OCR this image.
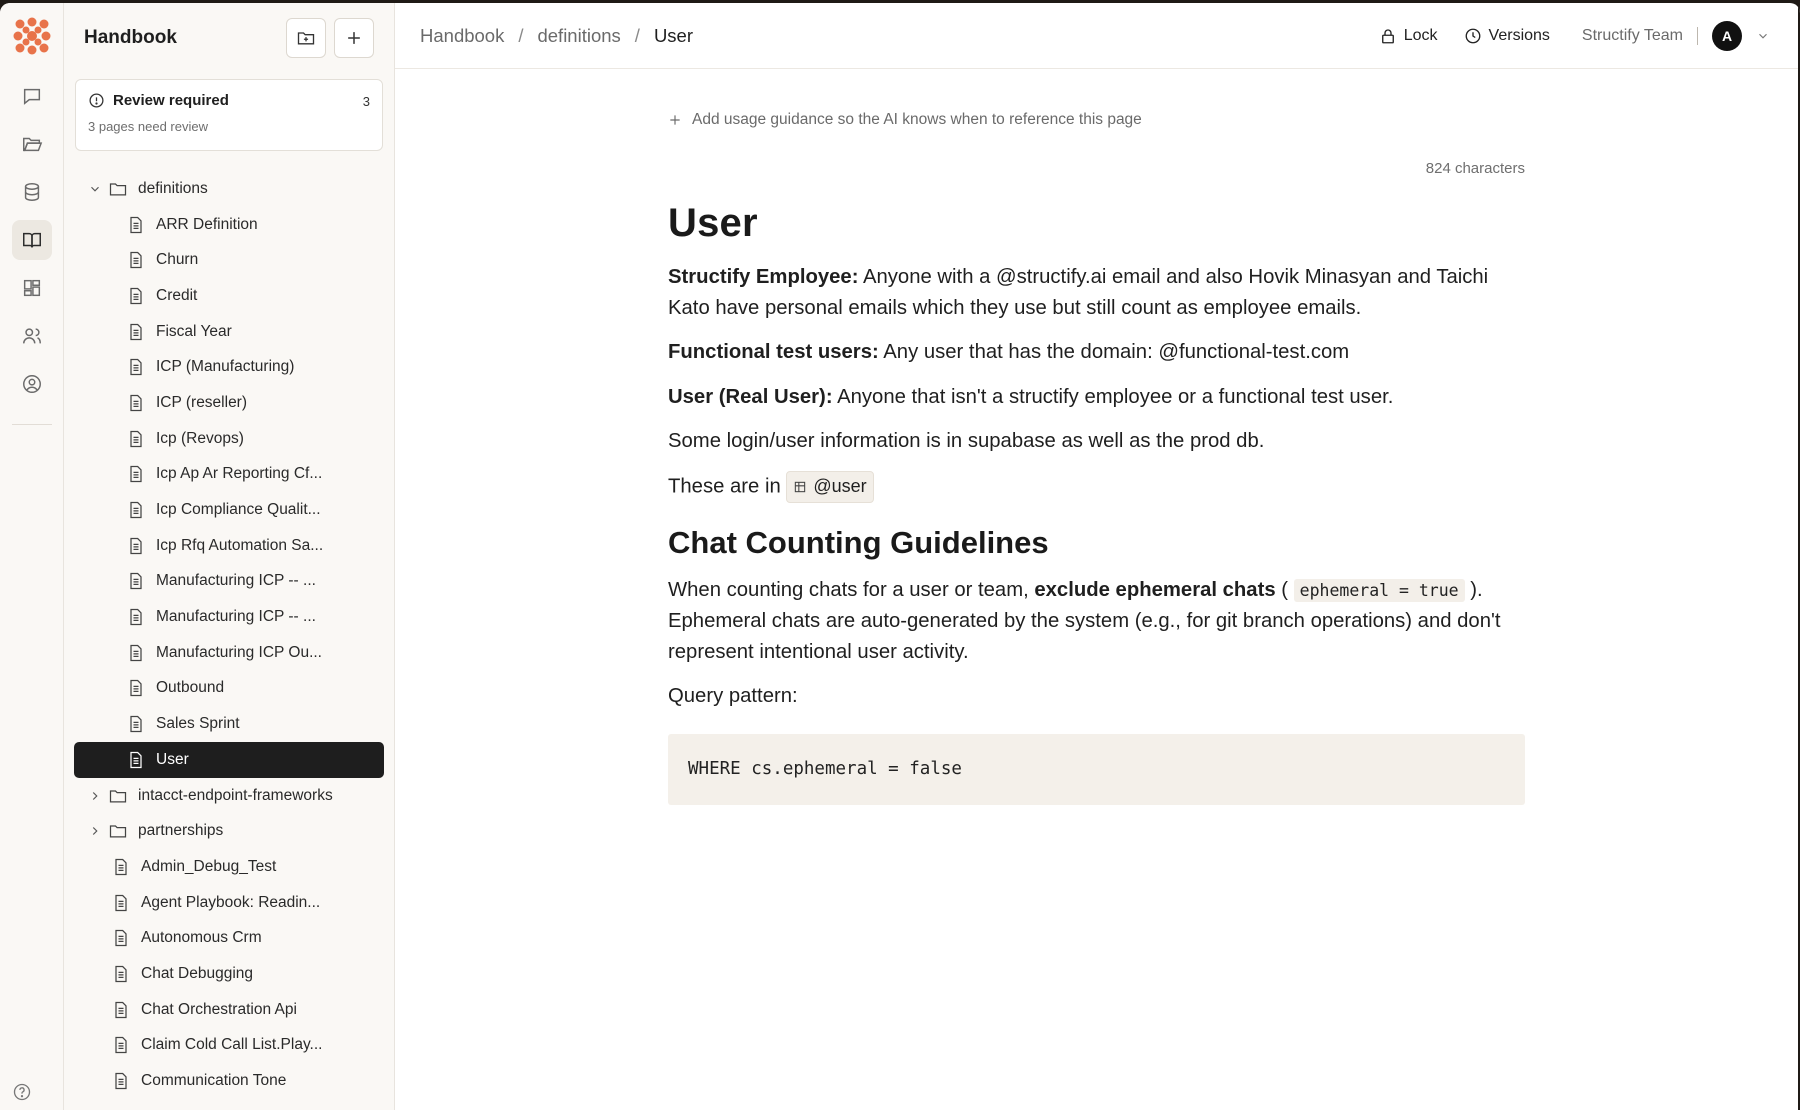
Handbook
Review required	3
3 pages need review
definitions
ARR Definition
Churn
Credit
Fiscal Year
ICP (Manufacturing)
ICP (reseller)
Icp (Revops)
Icp Ap Ar Reporting Cf...
Icp Compliance Qualit...
Icp Rfq Automation Sa...
Manufacturing ICP -- ...
Manufacturing ICP -- ...
Manufacturing ICP Ou...
Outbound
Sales Sprint
User
intacct-endpoint-frameworks
partnerships
Admin_Debug_Test
Agent Playbook: Readin...
Autonomous Crm
Chat Debugging
Chat Orchestration Api
Claim Cold Call List.Play...
Communication Tone
Handbook / definitions / User	Lock	Versions Structify Team	A
Add usage guidance so the AI knows when to reference this page
824 characters
User

Structify Employee: Anyone with a @structify.ai email and also Hovik Minasyan and Taichi Kato have personal emails which they use but still count as employee emails.

Functional test users: Any user that has the domain: @functional-test.com

User (Real User): Anyone that isn't a structify employee or a functional test user.

Some login/user information is in supabase as well as the prod db.

These are in @user

Chat Counting Guidelines

When counting chats for a user or team, exclude ephemeral chats ( ephemeral = true ). Ephemeral chats are auto-generated by the system (e.g., for git branch operations) and don't represent intentional user activity.

Query pattern:

WHERE cs.ephemeral = false
